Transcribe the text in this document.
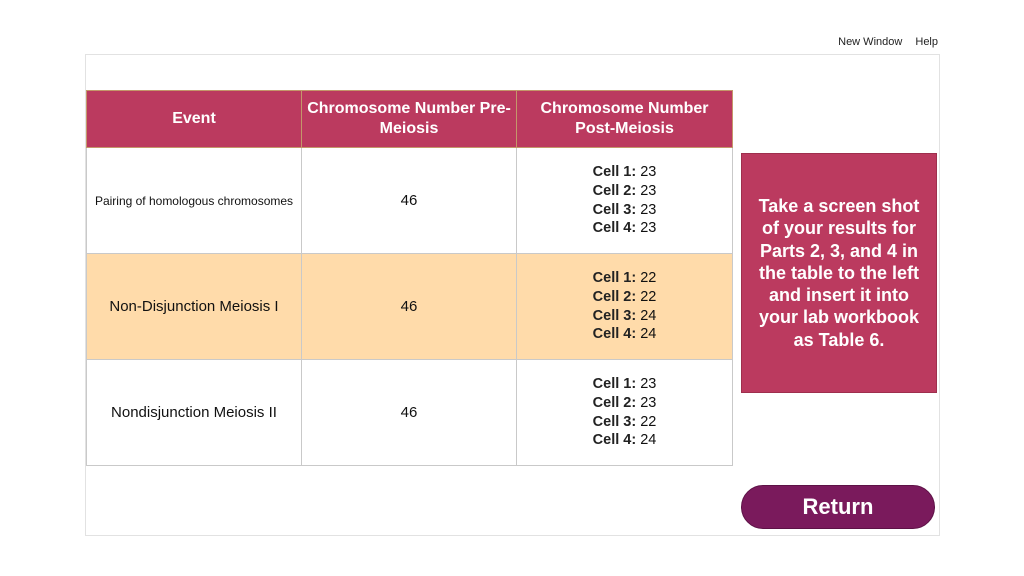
New Window Help
Event	Chromosome Number Pre-Meiosis	Chromosome Number Post-Meiosis
Pairing of homologous chromosomes	46	Cell 1: 23
Cell 2: 23
Cell 3: 23
Cell 4: 23

Non-Disjunction Meiosis I	46	Cell 1: 22
Cell 2: 22
Cell 3: 24
Cell 4: 24

Nondisjunction Meiosis II	46	Cell 1: 23
Cell 2: 23
Cell 3: 22
Cell 4: 24
Take a screen shot of your results for Parts 2, 3, and 4 in the table to the left and insert it into your lab workbook as Table 6.
Return
